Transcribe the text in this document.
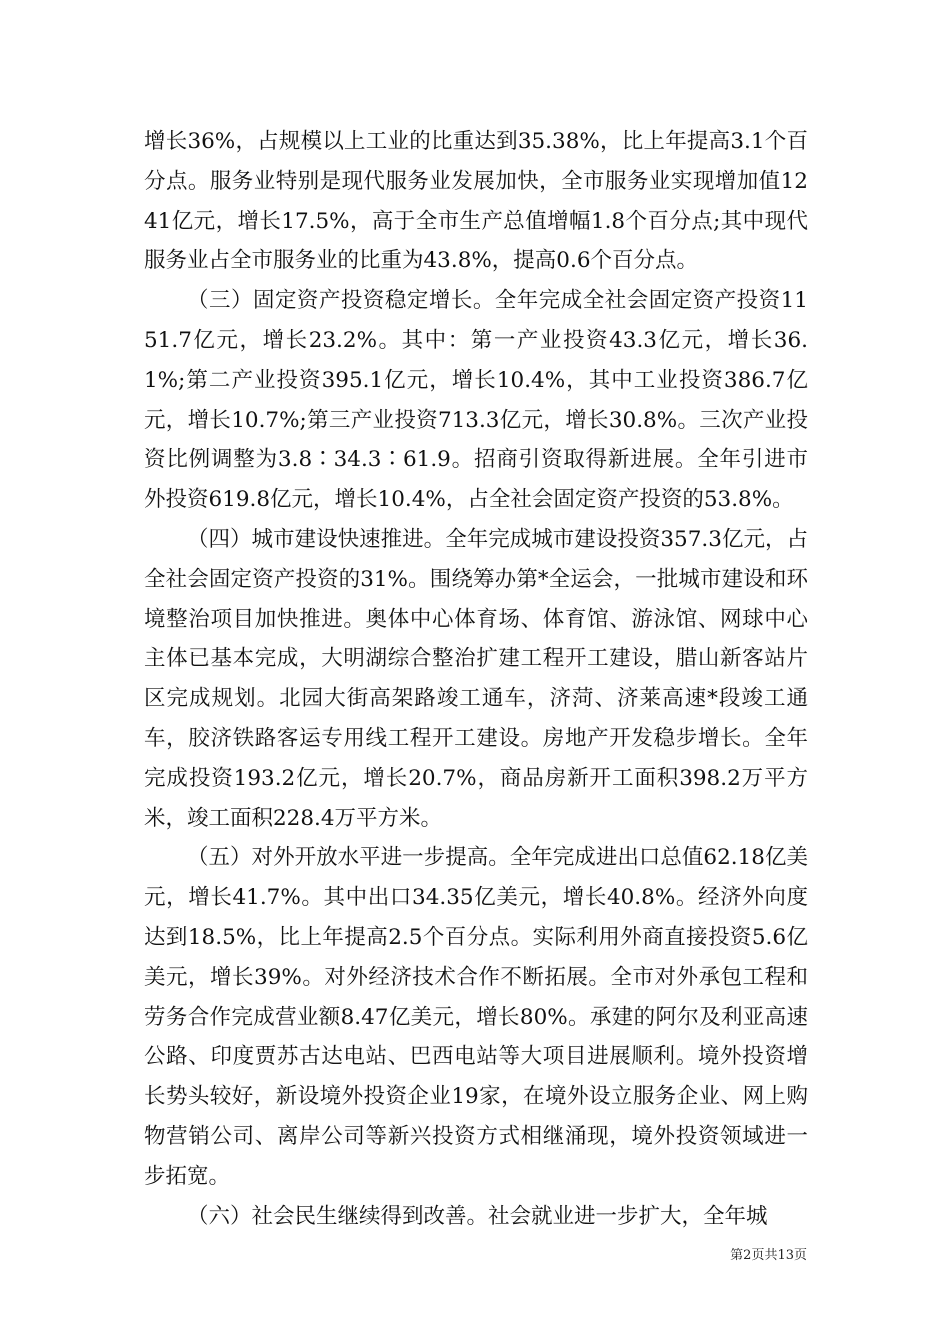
增长36%，占规模以上工业的比重达到35.38%，比上年提高3.1个百分点。服务业特别是现代服务业发展加快，全市服务业实现增加值1241亿元，增长17.5%，高于全市生产总值增幅1.8个百分点;其中现代服务业占全市服务业的比重为43.8%，提高0.6个百分点。

（三）固定资产投资稳定增长。全年完成全社会固定资产投资1151.7亿元，增长23.2%。其中：第一产业投资43.3亿元，增长36.1%;第二产业投资395.1亿元，增长10.4%，其中工业投资386.7亿元，增长10.7%;第三产业投资713.3亿元，增长30.8%。三次产业投资比例调整为3.8∶34.3∶61.9。招商引资取得新进展。全年引进市外投资619.8亿元，增长10.4%，占全社会固定资产投资的53.8%。

（四）城市建设快速推进。全年完成城市建设投资357.3亿元，占全社会固定资产投资的31%。围绕筹办第*全运会，一批城市建设和环境整治项目加快推进。奥体中心体育场、体育馆、游泳馆、网球中心主体已基本完成，大明湖综合整治扩建工程开工建设，腊山新客站片区完成规划。北园大街高架路竣工通车，济菏、济莱高速*段竣工通车，胶济铁路客运专用线工程开工建设。房地产开发稳步增长。全年完成投资193.2亿元，增长20.7%，商品房新开工面积398.2万平方米，竣工面积228.4万平方米。

（五）对外开放水平进一步提高。全年完成进出口总值62.18亿美元，增长41.7%。其中出口34.35亿美元，增长40.8%。经济外向度达到18.5%，比上年提高2.5个百分点。实际利用外商直接投资5.6亿美元，增长39%。对外经济技术合作不断拓展。全市对外承包工程和劳务合作完成营业额8.47亿美元，增长80%。承建的阿尔及利亚高速公路、印度贾苏古达电站、巴西电站等大项目进展顺利。境外投资增长势头较好，新设境外投资企业19家，在境外设立服务企业、网上购物营销公司、离岸公司等新兴投资方式相继涌现，境外投资领域进一步拓宽。

（六）社会民生继续得到改善。社会就业进一步扩大，全年城

第2页共13页
